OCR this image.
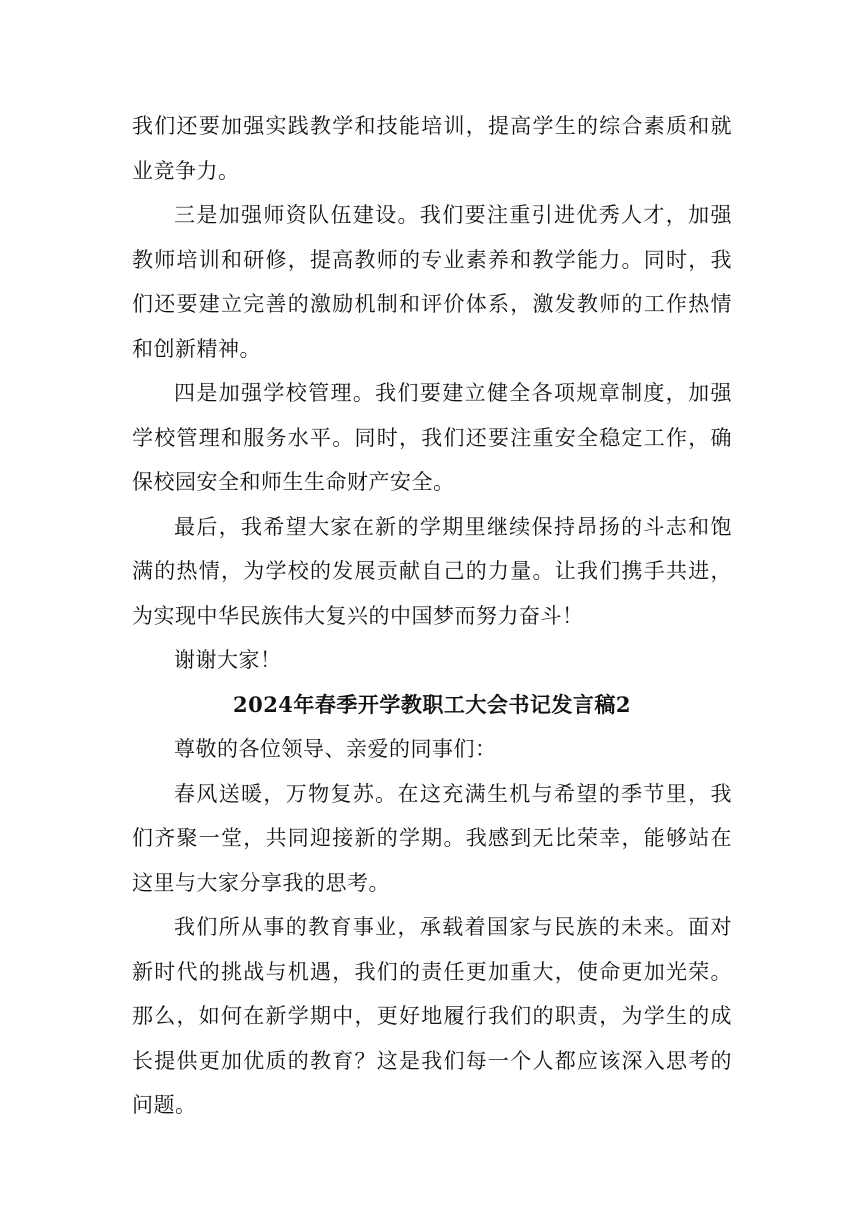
我们还要加强实践教学和技能培训，提高学生的综合素质和就业竞争力。

三是加强师资队伍建设。我们要注重引进优秀人才，加强教师培训和研修，提高教师的专业素养和教学能力。同时，我们还要建立完善的激励机制和评价体系，激发教师的工作热情和创新精神。

四是加强学校管理。我们要建立健全各项规章制度，加强学校管理和服务水平。同时，我们还要注重安全稳定工作，确保校园安全和师生生命财产安全。

最后，我希望大家在新的学期里继续保持昂扬的斗志和饱满的热情，为学校的发展贡献自己的力量。让我们携手共进，为实现中华民族伟大复兴的中国梦而努力奋斗！

谢谢大家！

2024年春季开学教职工大会书记发言稿2

尊敬的各位领导、亲爱的同事们：

春风送暖，万物复苏。在这充满生机与希望的季节里，我们齐聚一堂，共同迎接新的学期。我感到无比荣幸，能够站在这里与大家分享我的思考。

我们所从事的教育事业，承载着国家与民族的未来。面对新时代的挑战与机遇，我们的责任更加重大，使命更加光荣。那么，如何在新学期中，更好地履行我们的职责，为学生的成长提供更加优质的教育？这是我们每一个人都应该深入思考的问题。
